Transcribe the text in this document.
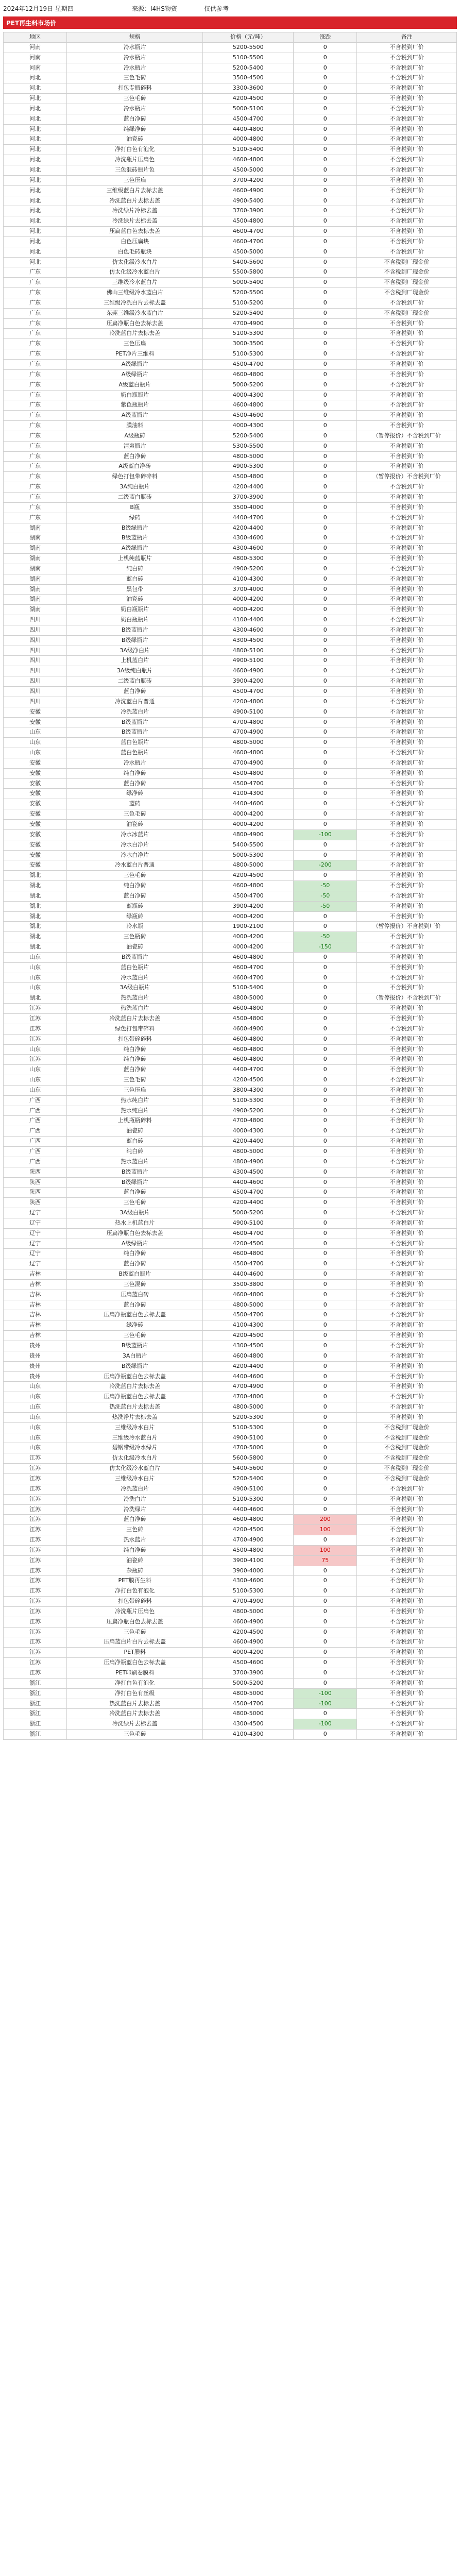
2024年12月19日 星期四	来源：I4HS物资	仅供参考
PET再生料市场价
地区	规格	价格（元/吨）	涨跌	备注
河南	冷水瓶片	5200-5500	0	不含税到厂价
河南	冷水瓶片	5100-5500	0	不含税到厂价
河南	冷水瓶片	5200-5400	0	不含税到厂价
河北	三色毛砖	3500-4500	0	不含税到厂价
河北	打包专瓶碎料	3300-3600	0	不含税到厂价
河北	三色毛砖	4200-4500	0	不含税到厂价
河北	冷水瓶片	5000-5100	0	不含税到厂价
河北	蓝白净砖	4500-4700	0	不含税到厂价
河北	纯绿净砖	4400-4800	0	不含税到厂价
河北	油瓷砖	4000-4800	0	不含税到厂价
河北	净打白色有泡化	5100-5400	0	不含税到厂价
河北	冷洗瓶片压扁色	4600-4800	0	不含税到厂价
河北	三色混砖瓶片色	4500-5000	0	不含税到厂价
河北	三色压扁	3700-4200	0	不含税到厂价
河北	三维级蓝白片去标去盖	4600-4900	0	不含税到厂价
河北	冷洗蓝白片去标去盖	4900-5400	0	不含税到厂价
河北	冷洗绿片冷标去盖	3700-3900	0	不含税到厂价
河北	冷洗绿片去标去盖	4500-4800	0	不含税到厂价
河北	压扁蓝白色去标去盖	4600-4700	0	不含税到厂价
河北	白色压扁块	4600-4700	0	不含税到厂价
河北	白色毛砖瓶块	4500-5000	0	不含税到厂价
河北	仿太化级冷水白片	5400-5600	0	不含税到厂现金价
广东	仿太化级冷水蓝白片	5500-5800	0	不含税到厂现金价
广东	三维级冷水蓝白片	5000-5400	0	不含税到厂现金价
广东	佛山三维级冷水蓝白片	5200-5500	0	不含税到厂现金价
广东	三维级冷洗白片去标去盖	5100-5200	0	不含税到厂价
广东	东莞三维级冷水蓝白片	5200-5400	0	不含税到厂现金价
广东	压扁净瓶白色去标去盖	4700-4900	0	不含税到厂价
广东	冷洗蓝白片去标去盖	5100-5300	0	不含税到厂价
广东	三色压扁	3000-3500	0	不含税到厂价
广东	PET净片三维料	5100-5300	0	不含税到厂价
广东	A级绿瓶片	4500-4700	0	不含税到厂价
广东	A级绿瓶片	4600-4800	0	不含税到厂价
广东	A级蓝白瓶片	5000-5200	0	不含税到厂价
广东	奶白瓶瓶片	4000-4300	0	不含税到厂价
广东	紫色瓶瓶片	4600-4800	0	不含税到厂价
广东	A级蓝瓶片	4500-4600	0	不含税到厂价
广东	膜油料	4000-4300	0	不含税到厂价
广东	A级瓶砖	5200-5400	0	（暂停报价）不含税到厂价
广东	清爽瓶片	5300-5500	0	不含税到厂价
广东	蓝白净砖	4800-5000	0	不含税到厂价
广东	A级蓝白净砖	4900-5300	0	不含税到厂价
广东	绿色打包带碎碎料	4500-4800	0	（暂停报价）不含税到厂价
广东	3A纯白瓶片	4200-4400	0	不含税到厂价
广东	二级蓝白瓶砖	3700-3900	0	不含税到厂价
广东	B瓶	3500-4000	0	不含税到厂价
广东	绿砖	4400-4700	0	不含税到厂价
湖南	B级绿瓶片	4200-4400	0	不含税到厂价
湖南	B级蓝瓶片	4300-4600	0	不含税到厂价
湖南	A级绿瓶片	4300-4600	0	不含税到厂价
湖南	上机纯蓝瓶片	4800-5300	0	不含税到厂价
湖南	纯白砖	4900-5200	0	不含税到厂价
湖南	蓝白砖	4100-4300	0	不含税到厂价
湖南	黑包带	3700-4000	0	不含税到厂价
湖南	油瓷砖	4000-4200	0	不含税到厂价
湖南	奶白瓶瓶片	4000-4200	0	不含税到厂价
四川	奶白瓶瓶片	4100-4400	0	不含税到厂价
四川	B级蓝瓶片	4300-4600	0	不含税到厂价
四川	B级绿瓶片	4300-4500	0	不含税到厂价
四川	3A级净白片	4800-5100	0	不含税到厂价
四川	上机蓝白片	4900-5100	0	不含税到厂价
四川	3A级纯白瓶片	4600-4900	0	不含税到厂价
四川	二级蓝白瓶砖	3900-4200	0	不含税到厂价
四川	蓝白净砖	4500-4700	0	不含税到厂价
四川	冷洗蓝白片普通	4200-4800	0	不含税到厂价
安徽	冷洗蓝白片	4900-5100	0	不含税到厂价
安徽	B级蓝瓶片	4700-4800	0	不含税到厂价
山东	B级蓝瓶片	4700-4900	0	不含税到厂价
山东	蓝白色瓶片	4800-5000	0	不含税到厂价
山东	蓝白色瓶片	4600-4800	0	不含税到厂价
安徽	冷水瓶片	4700-4900	0	不含税到厂价
安徽	纯白净砖	4500-4800	0	不含税到厂价
安徽	蓝白净砖	4500-4700	0	不含税到厂价
安徽	绿净砖	4100-4300	0	不含税到厂价
安徽	蓝砖	4400-4600	0	不含税到厂价
安徽	三色毛砖	4000-4200	0	不含税到厂价
安徽	油瓷砖	4000-4200	0	不含税到厂价
安徽	冷水冰蓝片	4800-4900	-100	不含税到厂价
安徽	冷水白净片	5400-5500	0	不含税到厂价
安徽	冷水白净片	5000-5300	0	不含税到厂价
安徽	冷水蓝白片普通	4800-5000	-200	不含税到厂价
湖北	三色毛砖	4200-4500	0	不含税到厂价
湖北	纯白净砖	4600-4800	-50	不含税到厂价
湖北	蓝白净砖	4500-4700	-50	不含税到厂价
湖北	蓝瓶砖	3900-4200	-50	不含税到厂价
湖北	绿瓶砖	4000-4200	0	不含税到厂价
湖北	冷水瓶	1900-2100	0	（暂停报价）不含税到厂价
湖北	三色瓶砖	4000-4200	-50	不含税到厂价
湖北	油瓷砖	4000-4200	-150	不含税到厂价
山东	B级蓝瓶片	4600-4800	0	不含税到厂价
山东	蓝白色瓶片	4600-4700	0	不含税到厂价
山东	冷水蓝白片	4600-4700	0	不含税到厂价
山东	3A级白瓶片	5100-5400	0	不含税到厂价
湖北	热洗蓝白片	4800-5000	0	（暂停报价）不含税到厂价
江苏	热洗蓝白片	4600-4800	0	不含税到厂价
江苏	冷洗蓝白片去标去盖	4500-4800	0	不含税到厂价
江苏	绿色打包带碎料	4600-4900	0	不含税到厂价
江苏	打包带碎碎料	4600-4800	0	不含税到厂价
山东	纯白净砖	4600-4800	0	不含税到厂价
江苏	纯白净砖	4600-4800	0	不含税到厂价
山东	蓝白净砖	4400-4700	0	不含税到厂价
山东	三色毛砖	4200-4500	0	不含税到厂价
山东	三色压扁	3800-4300	0	不含税到厂价
广西	热水纯白片	5100-5300	0	不含税到厂价
广西	热水纯白片	4900-5200	0	不含税到厂价
广西	上机瓶瓶碎料	4700-4800	0	不含税到厂价
广西	油瓷砖	4000-4300	0	不含税到厂价
广西	蓝白砖	4200-4400	0	不含税到厂价
广西	纯白砖	4800-5000	0	不含税到厂价
广西	热水蓝白片	4800-4900	0	不含税到厂价
陕西	B级蓝瓶片	4300-4500	0	不含税到厂价
陕西	B级绿瓶片	4400-4600	0	不含税到厂价
陕西	蓝白净砖	4500-4700	0	不含税到厂价
陕西	三色毛砖	4200-4400	0	不含税到厂价
辽宁	3A级白瓶片	5000-5200	0	不含税到厂价
辽宁	热水上机蓝白片	4900-5100	0	不含税到厂价
辽宁	压扁净瓶白色去标去盖	4600-4700	0	不含税到厂价
辽宁	A级绿瓶片	4200-4500	0	不含税到厂价
辽宁	纯白净砖	4600-4800	0	不含税到厂价
辽宁	蓝白净砖	4500-4700	0	不含税到厂价
吉林	B级蓝白瓶片	4400-4600	0	不含税到厂价
吉林	三色混砖	3500-3800	0	不含税到厂价
吉林	压扁蓝白砖	4600-4800	0	不含税到厂价
吉林	蓝白净砖	4800-5000	0	不含税到厂价
吉林	压扁净瓶蓝白色去标去盖	4500-4700	0	不含税到厂价
吉林	绿净砖	4100-4300	0	不含税到厂价
吉林	三色毛砖	4200-4500	0	不含税到厂价
贵州	B级蓝瓶片	4300-4500	0	不含税到厂价
贵州	3A白瓶片	4600-4800	0	不含税到厂价
贵州	B级绿瓶片	4200-4400	0	不含税到厂价
贵州	压扁净瓶蓝白色去标去盖	4400-4600	0	不含税到厂价
山东	冷洗蓝白片去标去盖	4700-4900	0	不含税到厂价
山东	压扁净瓶蓝白色去标去盖	4700-4800	0	不含税到厂价
山东	热洗蓝白片去标去盖	4800-5000	0	不含税到厂价
山东	热洗净片去标去盖	5200-5300	0	不含税到厂价
山东	三维级冷水白片	5100-5300	0	不含税到厂现金价
山东	三维级冷水蓝白片	4900-5100	0	不含税到厂现金价
山东	碧钢带级冷水绿片	4700-5000	0	不含税到厂现金价
江苏	仿太化级冷水白片	5600-5800	0	不含税到厂现金价
江苏	仿太化级冷水蓝白片	5400-5600	0	不含税到厂现金价
江苏	三维级冷水白片	5200-5400	0	不含税到厂现金价
江苏	冷洗蓝白片	4900-5100	0	不含税到厂价
江苏	冷洗白片	5100-5300	0	不含税到厂价
江苏	冷洗绿片	4400-4600	0	不含税到厂价
江苏	蓝白净砖	4600-4800	200	不含税到厂价
江苏	三色砖	4200-4500	100	不含税到厂价
江苏	热水蓝片	4700-4900	0	不含税到厂价
江苏	纯白净砖	4500-4800	100	不含税到厂价
江苏	油瓷砖	3900-4100	75	不含税到厂价
江苏	杂瓶砖	3900-4000	0	不含税到厂价
江苏	PET膜再生料	4300-4600	0	不含税到厂价
江苏	净打白色有泡化	5100-5300	0	不含税到厂价
江苏	打包带碎碎料	4700-4900	0	不含税到厂价
江苏	冷洗瓶片压扁色	4800-5000	0	不含税到厂价
江苏	压扁净瓶白色去标去盖	4600-4900	0	不含税到厂价
江苏	三色毛砖	4200-4500	0	不含税到厂价
江苏	压扁蓝白片白片去标去盖	4600-4900	0	不含税到厂价
江苏	PET膜料	4000-4200	0	不含税到厂价
江苏	压扁净瓶蓝白色去标去盖	4500-4600	0	不含税到厂价
江苏	PET印刷卷膜料	3700-3900	0	不含税到厂价
浙江	净打白色有泡化	5000-5200	0	不含税到厂价
浙江	净打白色有丝级	4800-5000	-100	不含税到厂价
浙江	热洗蓝白片去标去盖	4500-4700	-100	不含税到厂价
浙江	冷洗蓝白片去标去盖	4800-5000	0	不含税到厂价
浙江	冷洗绿片去标去盖	4300-4500	-100	不含税到厂价
浙江	三色毛砖	4100-4300	0	不含税到厂价
